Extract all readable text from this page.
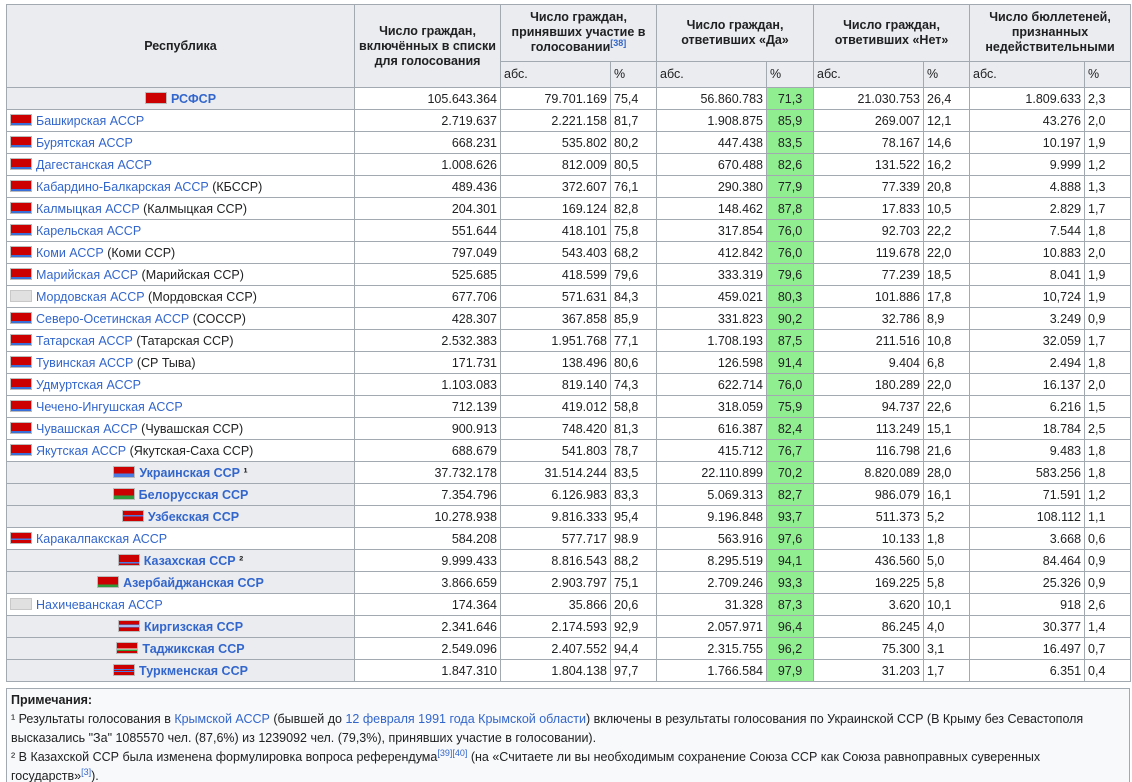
Республика	Число граждан, включённых в списки для голосования	Число граждан, принявших участие в голосовании[38]		Число граждан, ответивших «Да»		Число граждан, ответивших «Нет»		Число бюллетеней, признанных недействительными	
		абс.	%	абс.	%	абс.	%	абс.	%
РСФСР	105.643.364	79.701.169	75,4	56.860.783	71,3	21.030.753	26,4	1.809.633	2,3
Башкирская АССР	2.719.637	2.221.158	81,7	1.908.875	85,9	269.007	12,1	43.276	2,0
Бурятская АССР	668.231	535.802	80,2	447.438	83,5	78.167	14,6	10.197	1,9
Дагестанская АССР	1.008.626	812.009	80,5	670.488	82,6	131.522	16,2	9.999	1,2
Кабардино-Балкарская АССР (КБССР)	489.436	372.607	76,1	290.380	77,9	77.339	20,8	4.888	1,3
Калмыцкая АССР (Калмыцкая ССР)	204.301	169.124	82,8	148.462	87,8	17.833	10,5	2.829	1,7
Карельская АССР	551.644	418.101	75,8	317.854	76,0	92.703	22,2	7.544	1,8
Коми АССР (Коми ССР)	797.049	543.403	68,2	412.842	76,0	119.678	22,0	10.883	2,0
Марийская АССР (Марийская ССР)	525.685	418.599	79,6	333.319	79,6	77.239	18,5	8.041	1,9
Мордовская АССР (Мордовская ССР)	677.706	571.631	84,3	459.021	80,3	101.886	17,8	10,724	1,9
Северо-Осетинская АССР (СОССР)	428.307	367.858	85,9	331.823	90,2	32.786	8,9	3.249	0,9
Татарская АССР (Татарская ССР)	2.532.383	1.951.768	77,1	1.708.193	87,5	211.516	10,8	32.059	1,7
Тувинская АССР (СР Тыва)	171.731	138.496	80,6	126.598	91,4	9.404	6,8	2.494	1,8
Удмуртская АССР	1.103.083	819.140	74,3	622.714	76,0	180.289	22,0	16.137	2,0
Чечено-Ингушская АССР	712.139	419.012	58,8	318.059	75,9	94.737	22,6	6.216	1,5
Чувашская АССР (Чувашская ССР)	900.913	748.420	81,3	616.387	82,4	113.249	15,1	18.784	2,5
Якутская АССР (Якутская-Саха ССР)	688.679	541.803	78,7	415.712	76,7	116.798	21,6	9.483	1,8
Украинская ССР ¹	37.732.178	31.514.244	83,5	22.110.899	70,2	8.820.089	28,0	583.256	1,8
Белорусская ССР	7.354.796	6.126.983	83,3	5.069.313	82,7	986.079	16,1	71.591	1,2
Узбекская ССР	10.278.938	9.816.333	95,4	9.196.848	93,7	511.373	5,2	108.112	1,1
Каракалпакская АССР	584.208	577.717	98.9	563.916	97,6	10.133	1,8	3.668	0,6
Казахская ССР ²	9.999.433	8.816.543	88,2	8.295.519	94,1	436.560	5,0	84.464	0,9
Азербайджанская ССР	3.866.659	2.903.797	75,1	2.709.246	93,3	169.225	5,8	25.326	0,9
Нахичеванская АССР	174.364	35.866	20,6	31.328	87,3	3.620	10,1	918	2,6
Киргизская ССР	2.341.646	2.174.593	92,9	2.057.971	96,4	86.245	4,0	30.377	1,4
Таджикская ССР	2.549.096	2.407.552	94,4	2.315.755	96,2	75.300	3,1	16.497	0,7
Туркменская ССР	1.847.310	1.804.138	97,7	1.766.584	97,9	31.203	1,7	6.351	0,4
Примечания:
¹ Результаты голосования в Крымской АССР (бывшей до 12 февраля 1991 года Крымской области) включены в результаты голосования по Украинской ССР (В Крыму без Севастополя высказались "За" 1085570 чел. (87,6%) из 1239092 чел. (79,3%), принявших участие в голосовании).
² В Казахской ССР была изменена формулировка вопроса референдума[39][40] (на «Считаете ли вы необходимым сохранение Союза ССР как Союза равноправных суверенных государств»[3]).
